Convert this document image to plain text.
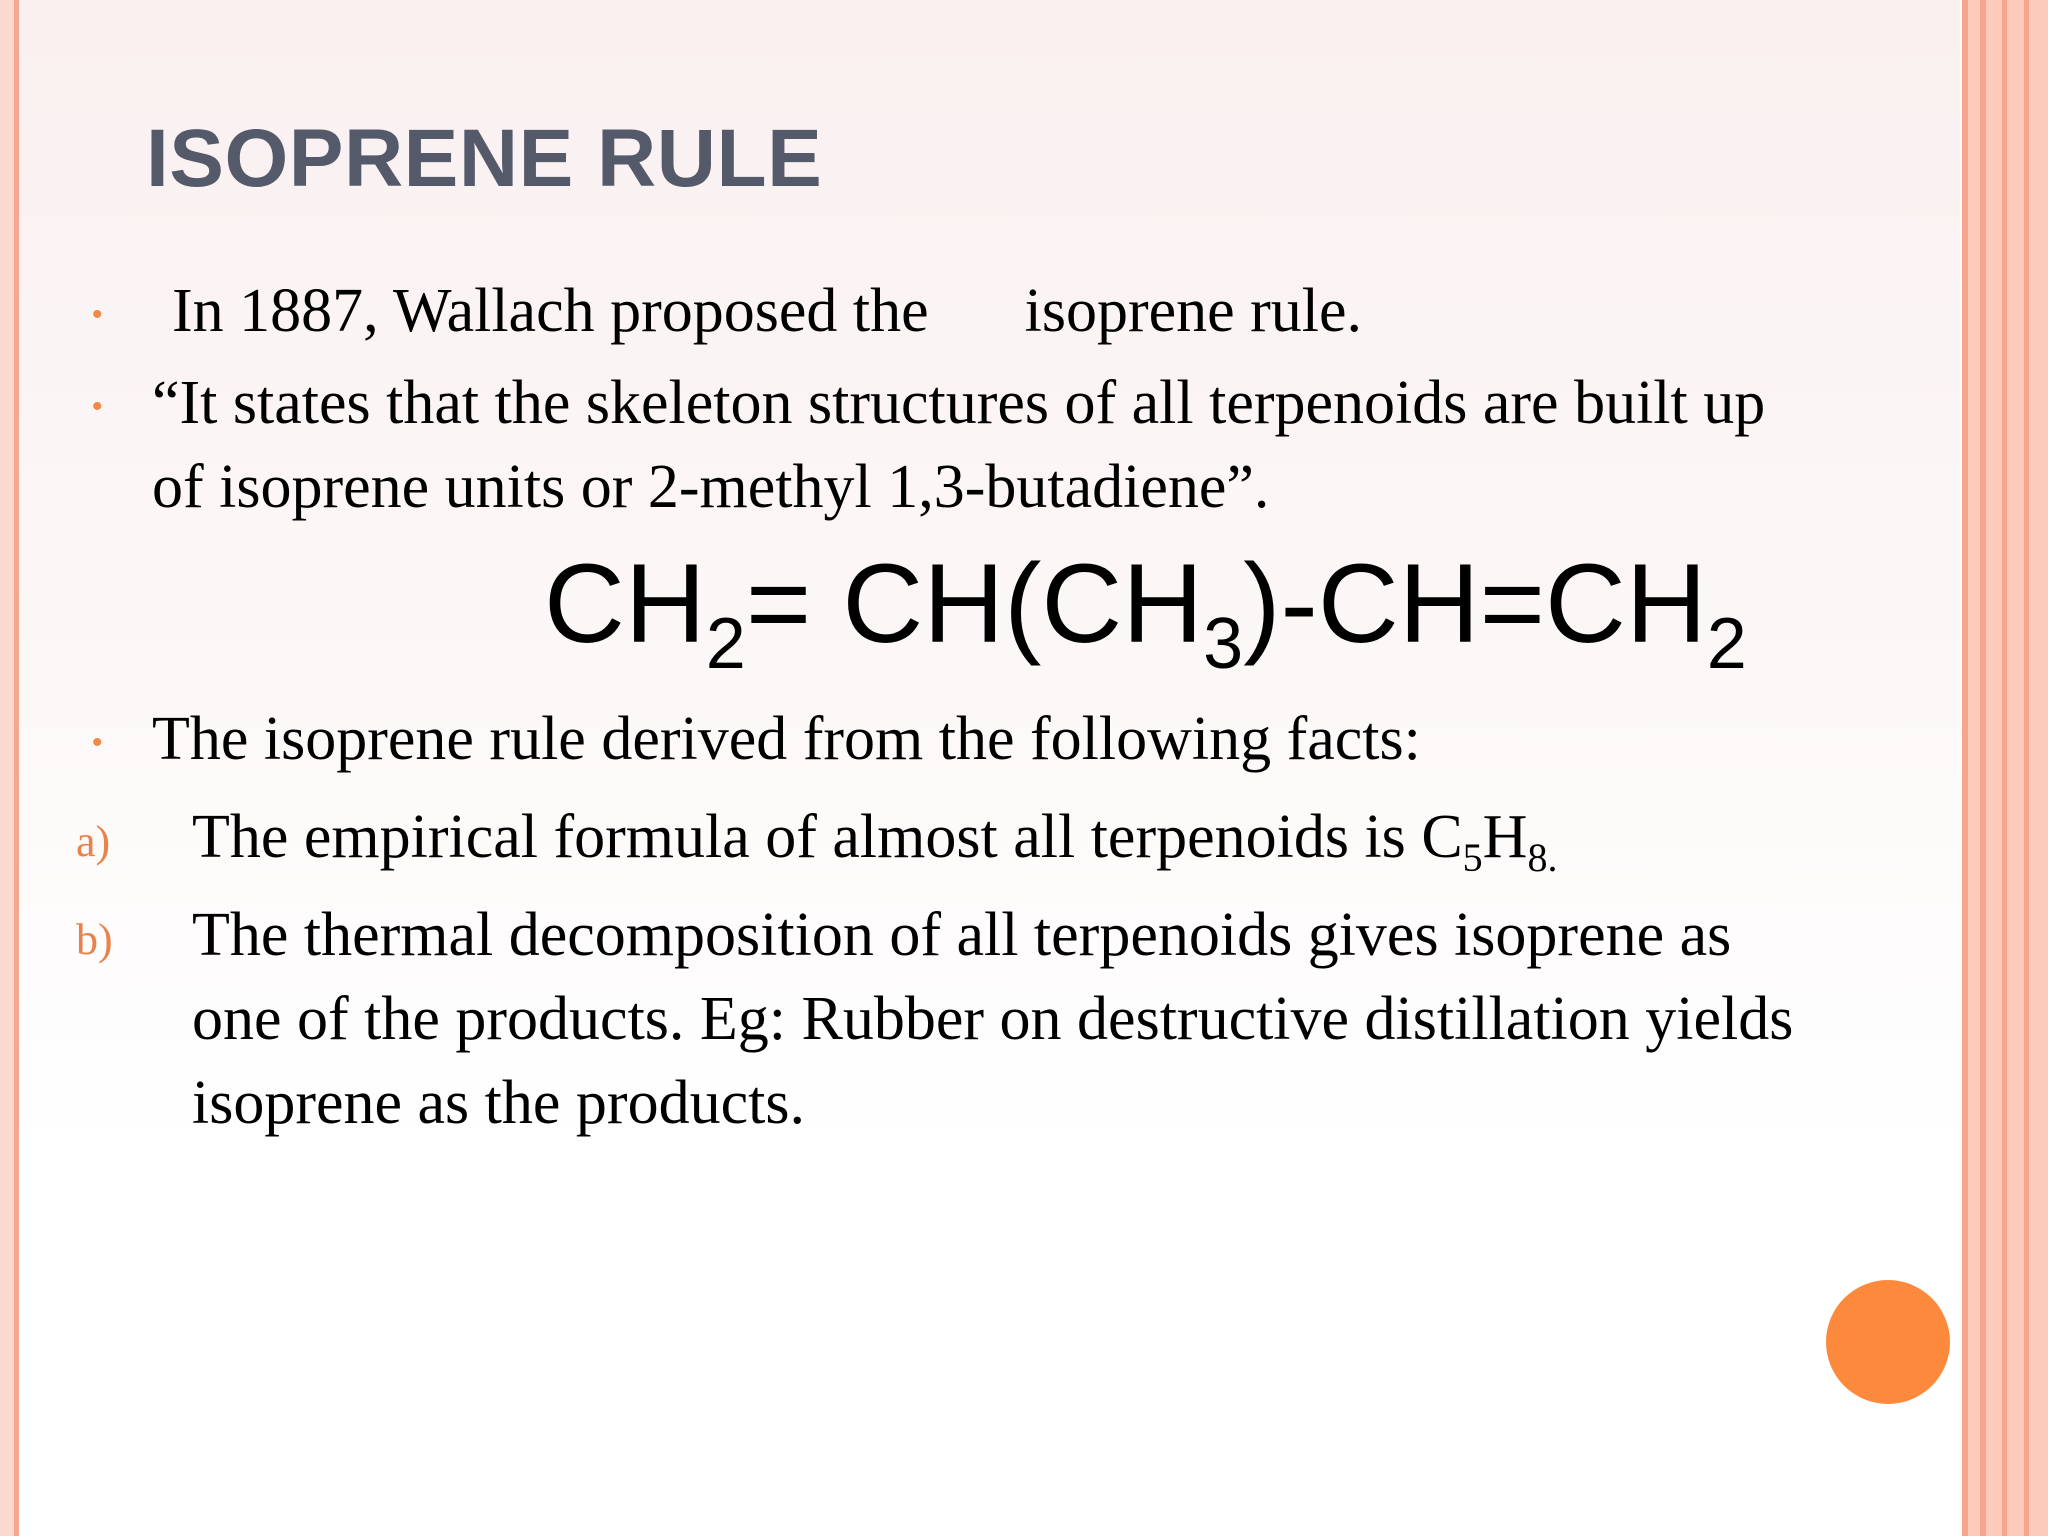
ISOPRENE RULE
• In 1887, Wallach proposed the isoprene rule.

• “It states that the skeleton structures of all terpenoids are built up

of isoprene units or 2-methyl 1,3-butadiene”.

$CH_2= CH(CH_3)-CH=CH_2$
• The isoprene rule derived from the following facts:

a) The empirical formula of almost all terpenoids is $C_5H_{8.}$

b) The thermal decomposition of all terpenoids gives isoprene as

one of the products. Eg: Rubber on destructive distillation yields

isoprene as the products.
